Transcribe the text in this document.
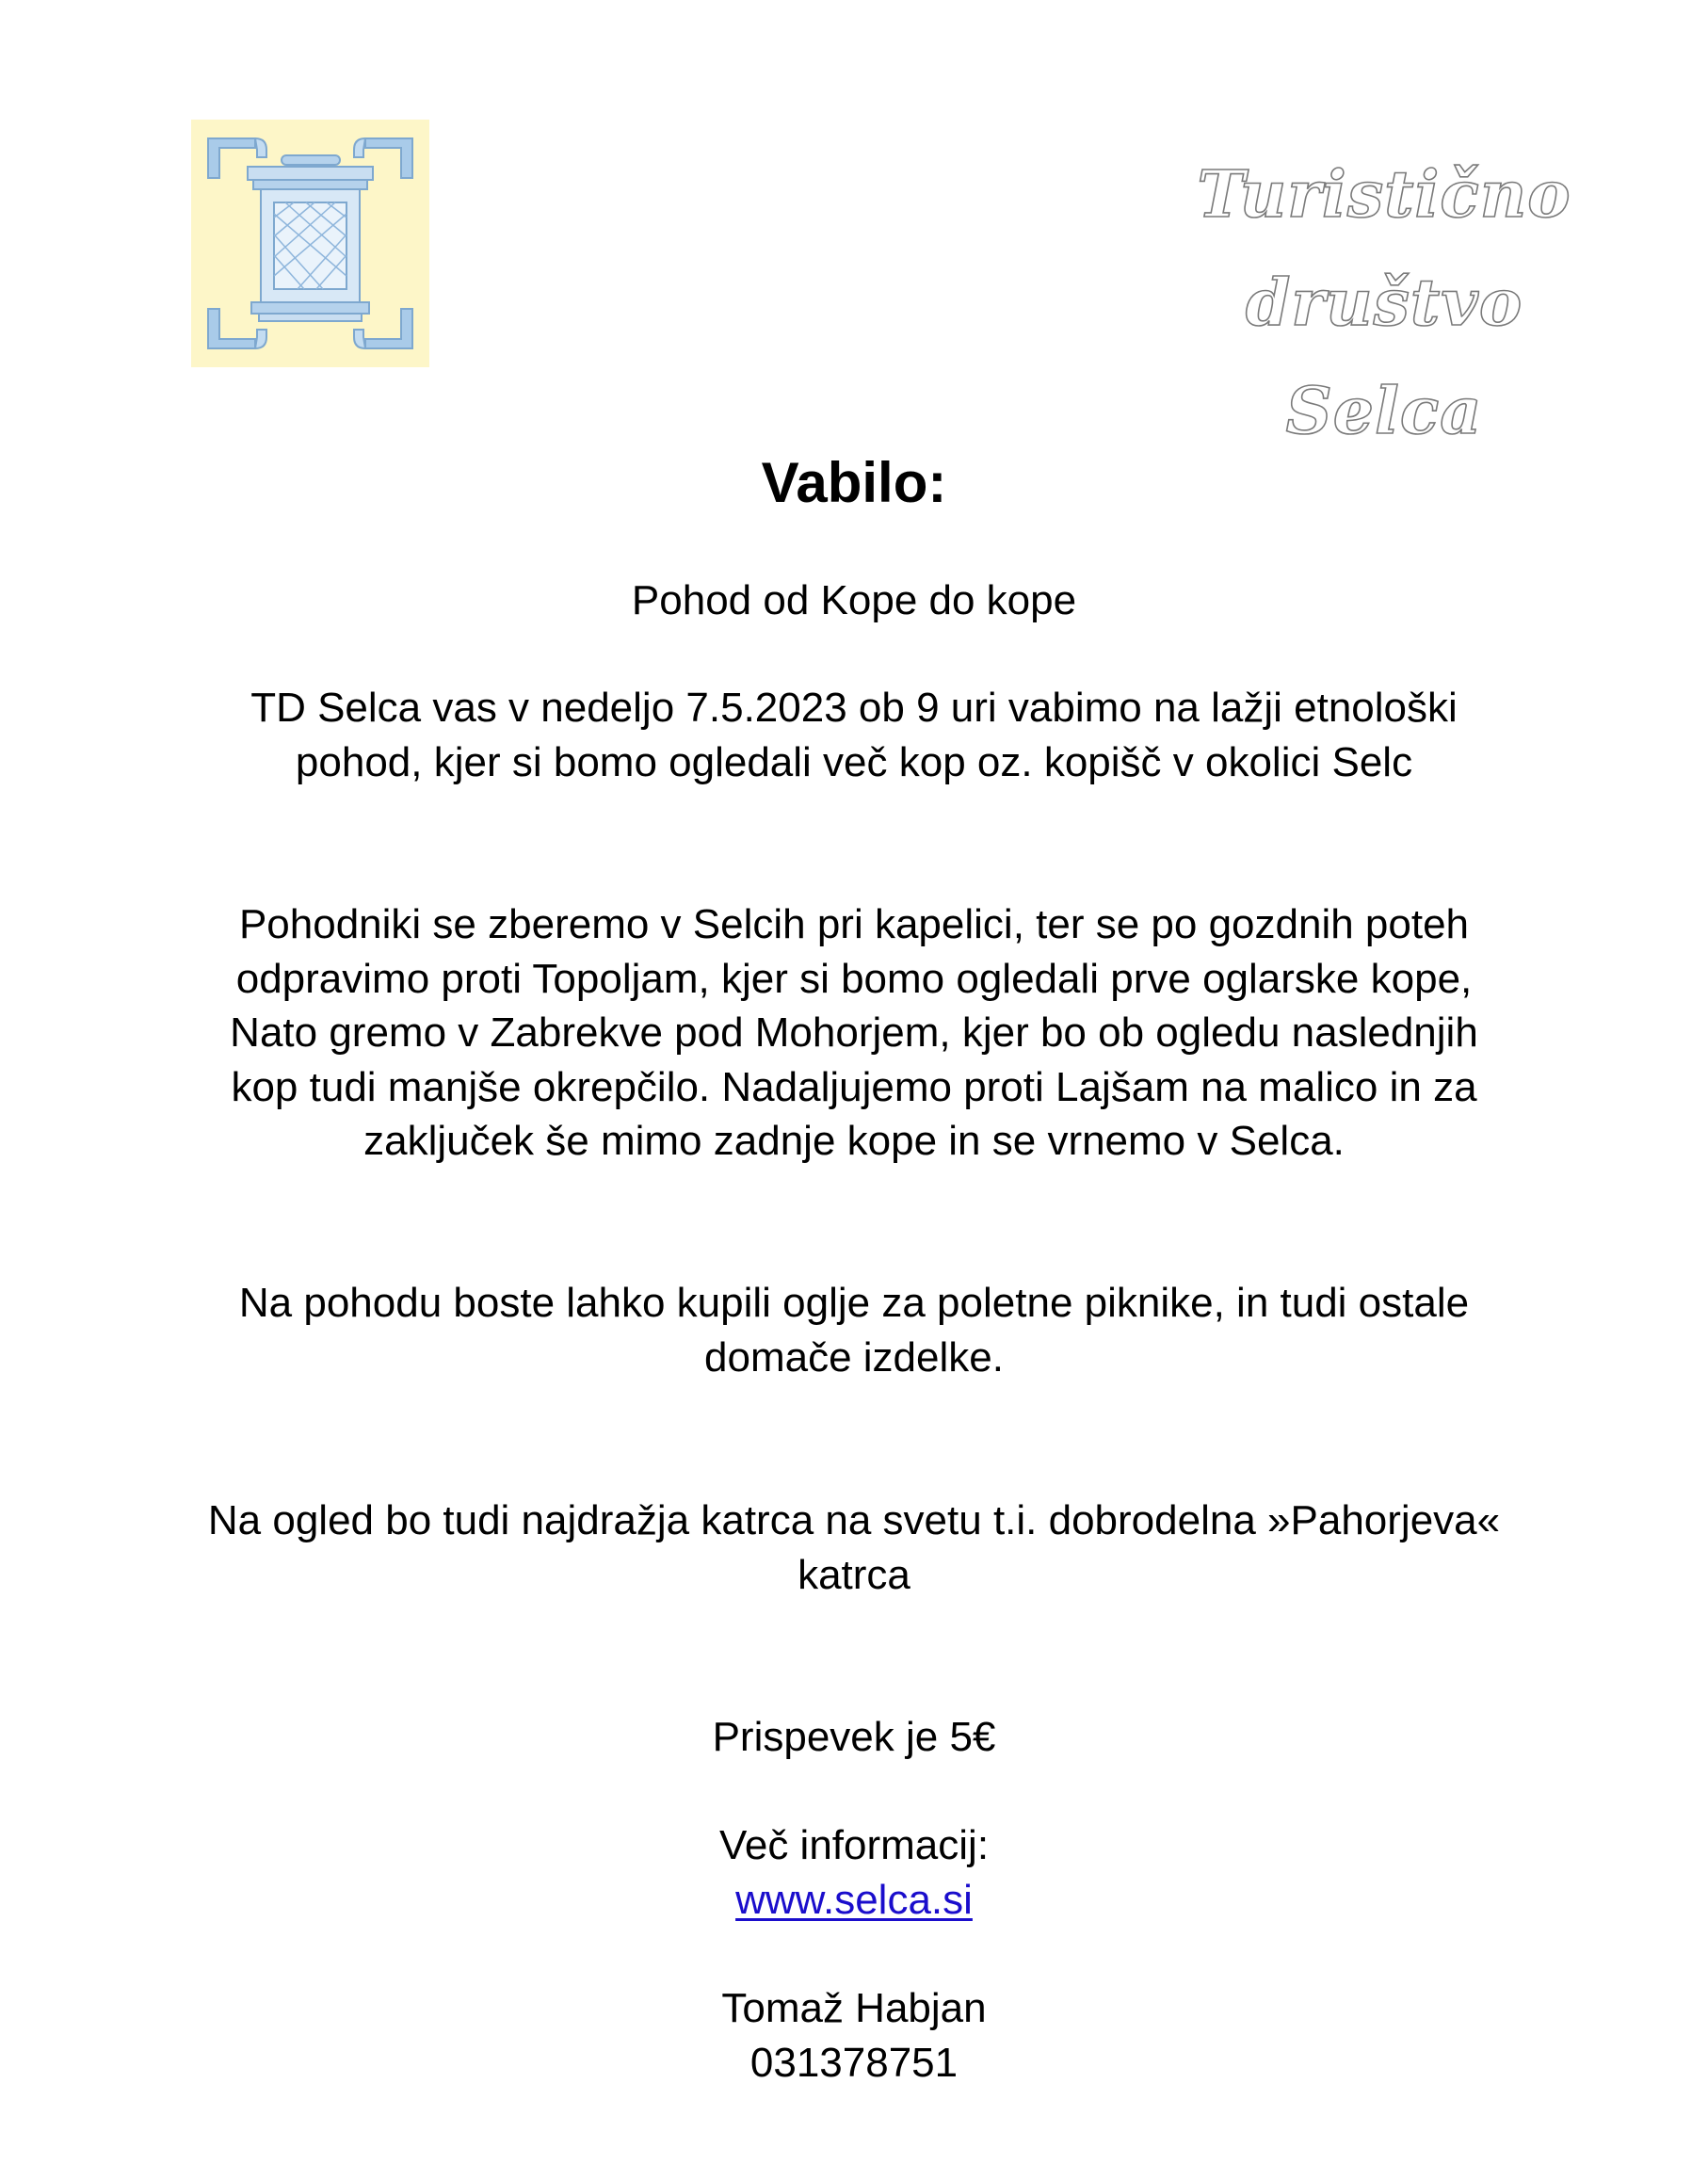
Turistično društvo
Selca
Vabilo:

Pohod od Kope do kope

TD Selca vas v nedeljo 7.5.2023 ob 9 uri vabimo na lažji etnološki pohod, kjer si bomo ogledali več kop oz. kopišč v okolici Selc

Pohodniki se zberemo v Selcih pri kapelici, ter se po gozdnih poteh odpravimo proti Topoljam, kjer si bomo ogledali prve oglarske kope, Nato gremo v Zabrekve pod Mohorjem, kjer bo ob ogledu naslednjih kop tudi manjše okrepčilo. Nadaljujemo proti Lajšam na malico in za zaključek še mimo zadnje kope in se vrnemo v Selca.

Na pohodu boste lahko kupili oglje za poletne piknike, in tudi ostale domače izdelke.

Na ogled bo tudi najdražja katrca na svetu t.i. dobrodelna »Pahorjeva« katrca

Prispevek je 5€

Več informacij:
www.selca.si
Tomaž Habjan
031378751
